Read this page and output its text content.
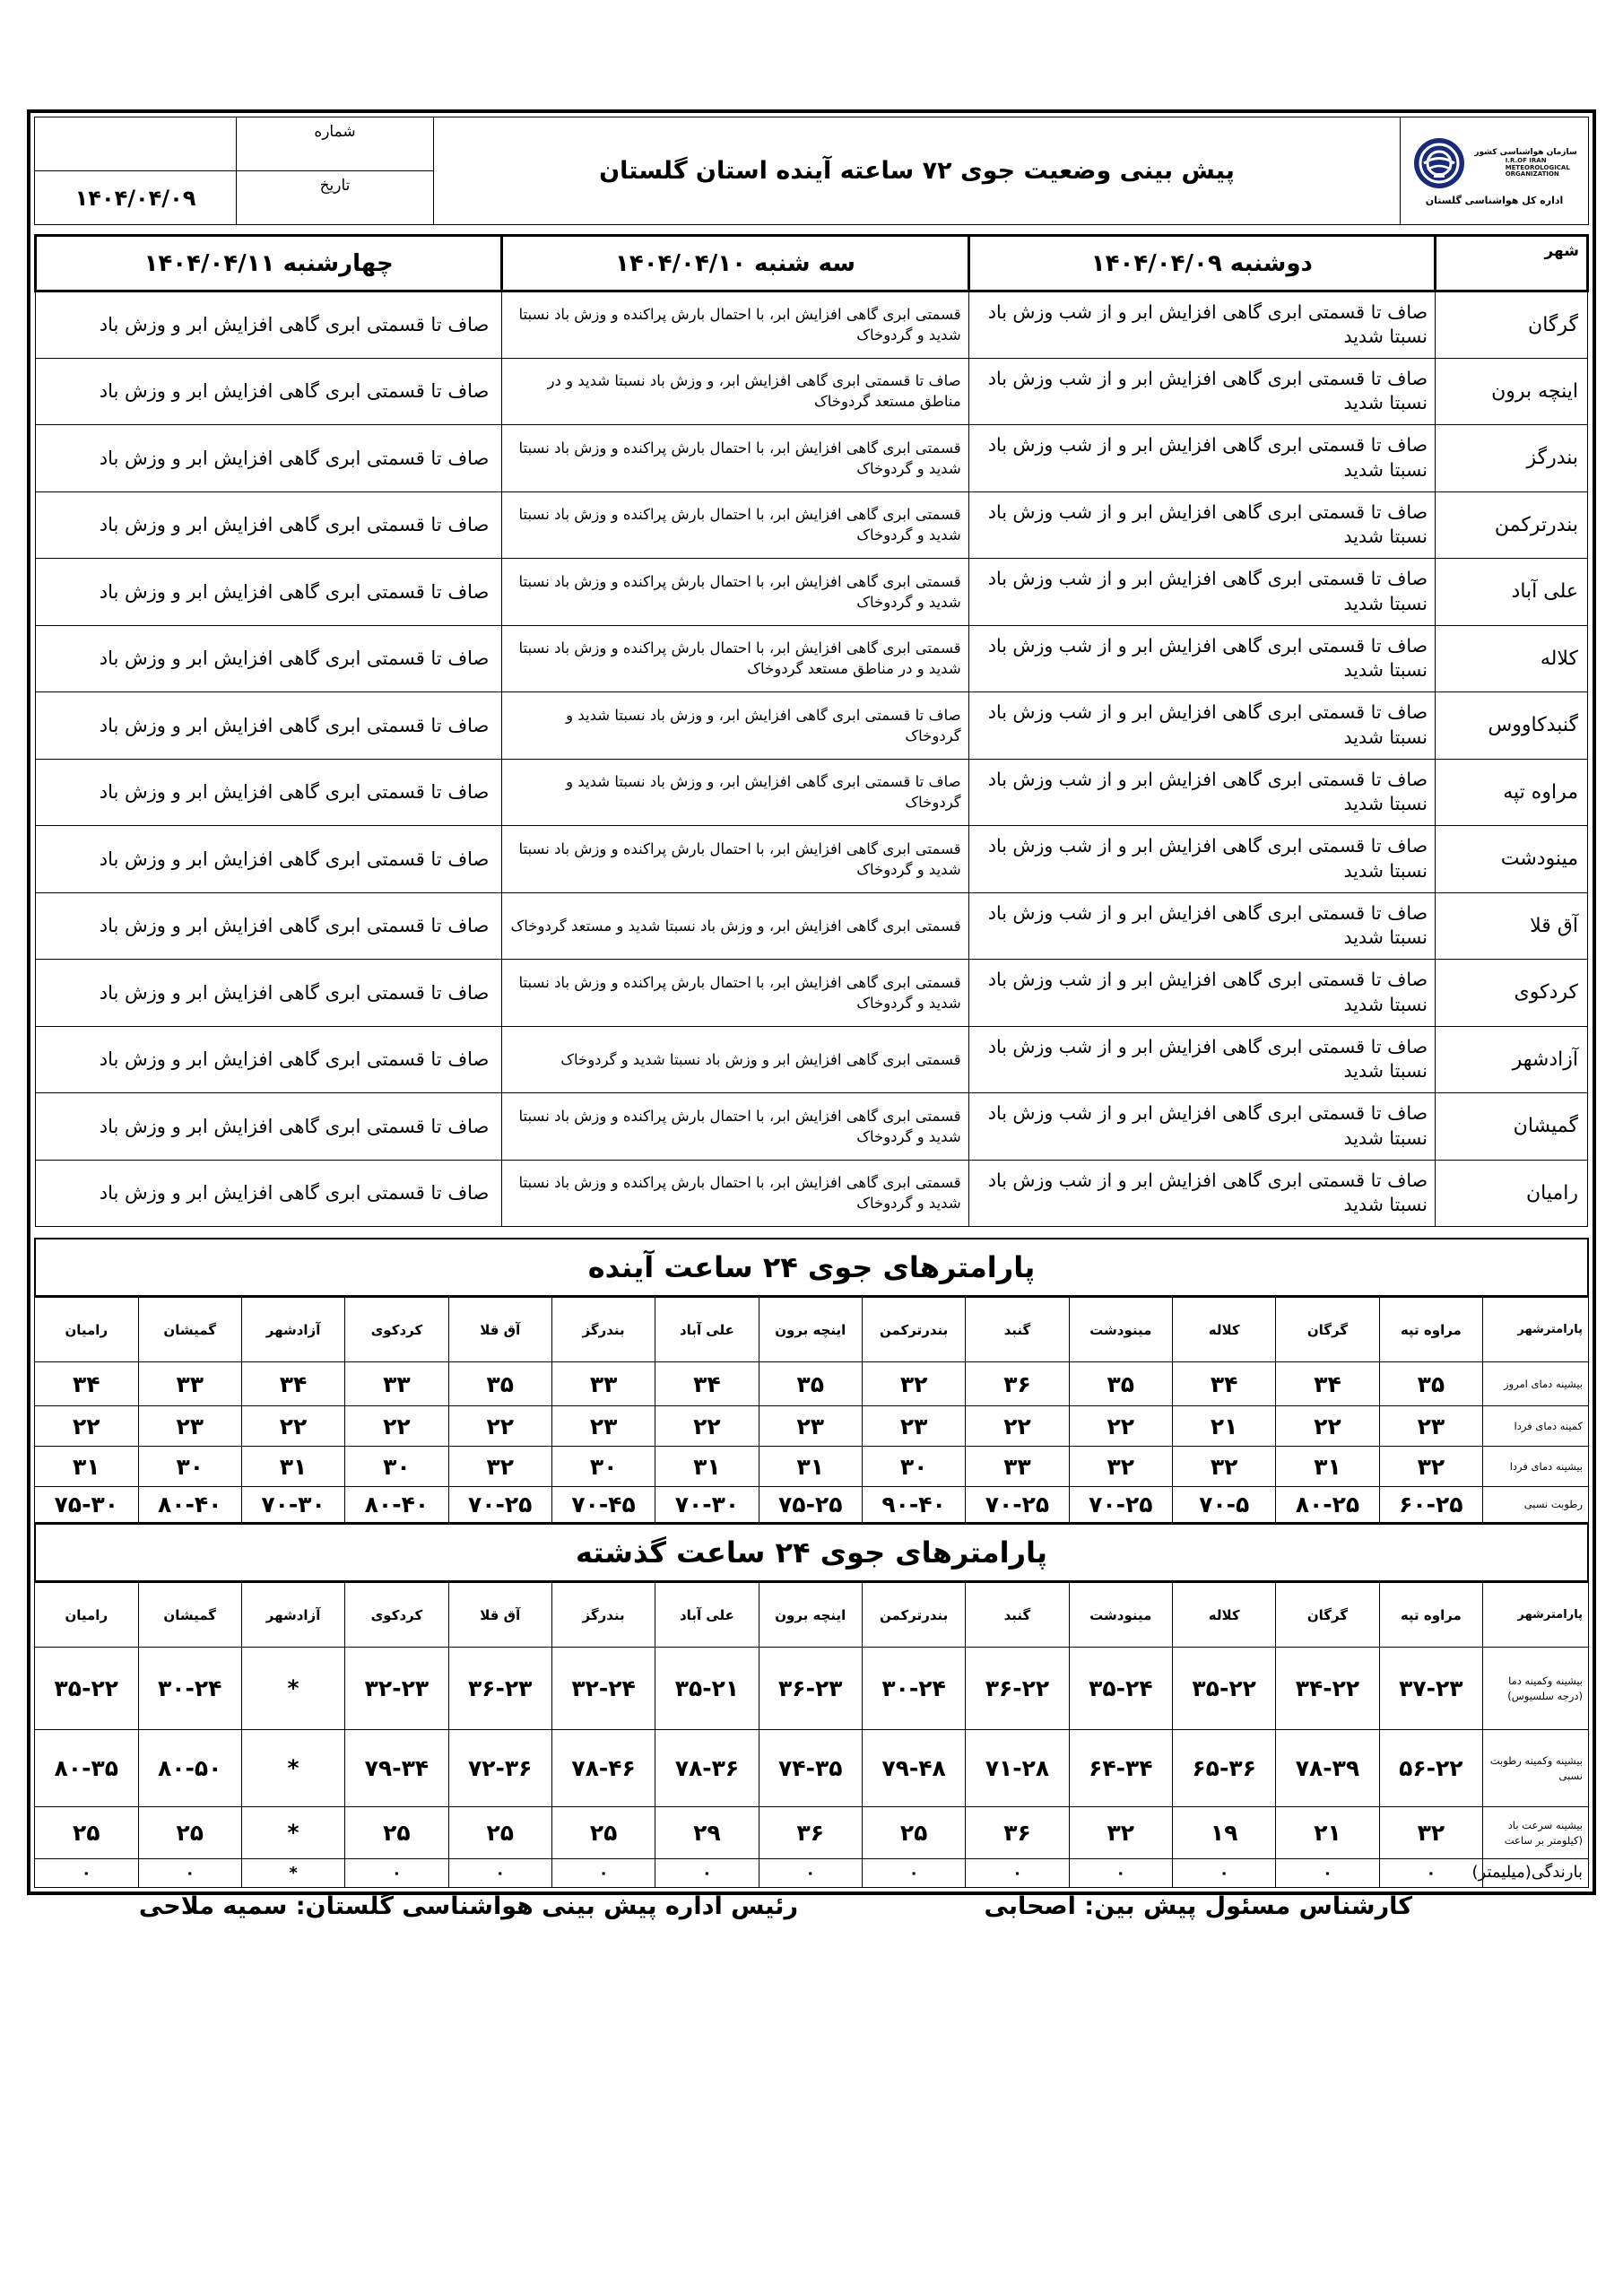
سازمان هواشناسی کشور
I.R.OF IRAN METEOROLOGICAL ORGANIZATION
اداره کل هواشناسی گلستان	پیش بینی وضعیت جوی ۷۲ ساعته آینده استان گلستان	شماره	
		تاریخ	۱۴۰۴/۰۴/۰۹
شهر	دوشنبه ۱۴۰۴/۰۴/۰۹	سه شنبه ۱۴۰۴/۰۴/۱۰	چهارشنبه ۱۴۰۴/۰۴/۱۱
گرگان	صاف تا قسمتی ابری گاهی افزایش ابر و از شب وزش باد نسبتا شدید	قسمتی ابری گاهی افزایش ابر، با احتمال بارش پراکنده و وزش باد نسبتا شدید و گردوخاک	صاف تا قسمتی ابری گاهی افزایش ابر و وزش باد
اینچه برون	صاف تا قسمتی ابری گاهی افزایش ابر و از شب وزش باد نسبتا شدید	صاف تا قسمتی ابری گاهی افزایش ابر، و وزش باد نسبتا شدید و در مناطق مستعد گردوخاک	صاف تا قسمتی ابری گاهی افزایش ابر و وزش باد
بندرگز	صاف تا قسمتی ابری گاهی افزایش ابر و از شب وزش باد نسبتا شدید	قسمتی ابری گاهی افزایش ابر، با احتمال بارش پراکنده و وزش باد نسبتا شدید و گردوخاک	صاف تا قسمتی ابری گاهی افزایش ابر و وزش باد
بندرترکمن	صاف تا قسمتی ابری گاهی افزایش ابر و از شب وزش باد نسبتا شدید	قسمتی ابری گاهی افزایش ابر، با احتمال بارش پراکنده و وزش باد نسبتا شدید و گردوخاک	صاف تا قسمتی ابری گاهی افزایش ابر و وزش باد
علی آباد	صاف تا قسمتی ابری گاهی افزایش ابر و از شب وزش باد نسبتا شدید	قسمتی ابری گاهی افزایش ابر، با احتمال بارش پراکنده و وزش باد نسبتا شدید و گردوخاک	صاف تا قسمتی ابری گاهی افزایش ابر و وزش باد
کلاله	صاف تا قسمتی ابری گاهی افزایش ابر و از شب وزش باد نسبتا شدید	قسمتی ابری گاهی افزایش ابر، با احتمال بارش پراکنده و وزش باد نسبتا شدید و در مناطق مستعد گردوخاک	صاف تا قسمتی ابری گاهی افزایش ابر و وزش باد
گنبدکاووس	صاف تا قسمتی ابری گاهی افزایش ابر و از شب وزش باد نسبتا شدید	صاف تا قسمتی ابری گاهی افزایش ابر، و وزش باد نسبتا شدید و گردوخاک	صاف تا قسمتی ابری گاهی افزایش ابر و وزش باد
مراوه تپه	صاف تا قسمتی ابری گاهی افزایش ابر و از شب وزش باد نسبتا شدید	صاف تا قسمتی ابری گاهی افزایش ابر، و وزش باد نسبتا شدید و گردوخاک	صاف تا قسمتی ابری گاهی افزایش ابر و وزش باد
مینودشت	صاف تا قسمتی ابری گاهی افزایش ابر و از شب وزش باد نسبتا شدید	قسمتی ابری گاهی افزایش ابر، با احتمال بارش پراکنده و وزش باد نسبتا شدید و گردوخاک	صاف تا قسمتی ابری گاهی افزایش ابر و وزش باد
آق قلا	صاف تا قسمتی ابری گاهی افزایش ابر و از شب وزش باد نسبتا شدید	قسمتی ابری گاهی افزایش ابر، و وزش باد نسبتا شدید و مستعد گردوخاک	صاف تا قسمتی ابری گاهی افزایش ابر و وزش باد
کردکوی	صاف تا قسمتی ابری گاهی افزایش ابر و از شب وزش باد نسبتا شدید	قسمتی ابری گاهی افزایش ابر، با احتمال بارش پراکنده و وزش باد نسبتا شدید و گردوخاک	صاف تا قسمتی ابری گاهی افزایش ابر و وزش باد
آزادشهر	صاف تا قسمتی ابری گاهی افزایش ابر و از شب وزش باد نسبتا شدید	قسمتی ابری گاهی افزایش ابر و وزش باد نسبتا شدید و گردوخاک	صاف تا قسمتی ابری گاهی افزایش ابر و وزش باد
گمیشان	صاف تا قسمتی ابری گاهی افزایش ابر و از شب وزش باد نسبتا شدید	قسمتی ابری گاهی افزایش ابر، با احتمال بارش پراکنده و وزش باد نسبتا شدید و گردوخاک	صاف تا قسمتی ابری گاهی افزایش ابر و وزش باد
رامیان	صاف تا قسمتی ابری گاهی افزایش ابر و از شب وزش باد نسبتا شدید	قسمتی ابری گاهی افزایش ابر، با احتمال بارش پراکنده و وزش باد نسبتا شدید و گردوخاک	صاف تا قسمتی ابری گاهی افزایش ابر و وزش باد
پارامترهای جوی ۲۴ ساعت آینده
پارامترشهر	مراوه تپه	گرگان	کلاله	مینودشت	گنبد	بندرترکمن	اینچه برون	علی آباد	بندرگز	آق قلا	کردکوی	آزادشهر	گمیشان	رامیان
بیشینه دمای امروز	۳۵	۳۴	۳۴	۳۵	۳۶	۳۲	۳۵	۳۴	۳۳	۳۵	۳۳	۳۴	۳۳	۳۴
کمینه دمای فردا	۲۳	۲۲	۲۱	۲۲	۲۲	۲۳	۲۳	۲۲	۲۳	۲۲	۲۲	۲۲	۲۳	۲۲
بیشینه دمای فردا	۳۲	۳۱	۳۲	۳۲	۳۳	۳۰	۳۱	۳۱	۳۰	۳۲	۳۰	۳۱	۳۰	۳۱
رطوبت نسبی	۶۰-۲۵	۸۰-۲۵	۷۰-۵	۷۰-۲۵	۷۰-۲۵	۹۰-۴۰	۷۵-۲۵	۷۰-۳۰	۷۰-۴۵	۷۰-۲۵	۸۰-۴۰	۷۰-۳۰	۸۰-۴۰	۷۵-۳۰
پارامترهای جوی ۲۴ ساعت گذشته
پارامترشهر	مراوه تپه	گرگان	کلاله	مینودشت	گنبد	بندرترکمن	اینچه برون	علی آباد	بندرگز	آق قلا	کردکوی	آزادشهر	گمیشان	رامیان
بیشینه وکمینه دما (درجه سلسیوس)	۳۷-۲۳	۳۴-۲۲	۳۵-۲۲	۳۵-۲۴	۳۶-۲۲	۳۰-۲۴	۳۶-۲۳	۳۵-۲۱	۳۲-۲۴	۳۶-۲۳	۳۲-۲۳	*	۳۰-۲۴	۳۵-۲۲
بیشینه وکمینه رطوبت نسبی	۵۶-۲۲	۷۸-۳۹	۶۵-۳۶	۶۴-۳۴	۷۱-۲۸	۷۹-۴۸	۷۴-۳۵	۷۸-۳۶	۷۸-۴۶	۷۲-۳۶	۷۹-۳۴	*	۸۰-۵۰	۸۰-۳۵
بیشینه سرعت باد (کیلومتر بر ساعت	۳۲	۲۱	۱۹	۳۲	۳۶	۲۵	۳۶	۲۹	۲۵	۲۵	۲۵	*	۲۵	۲۵
بارندگی(میلیمتر)	۰	۰	۰	۰	۰	۰	۰	۰	۰	۰	۰	*	۰	۰
کارشناس مسئول پیش بین: اصحابی
رئیس اداره پیش بینی هواشناسی گلستان: سمیه ملاحی
